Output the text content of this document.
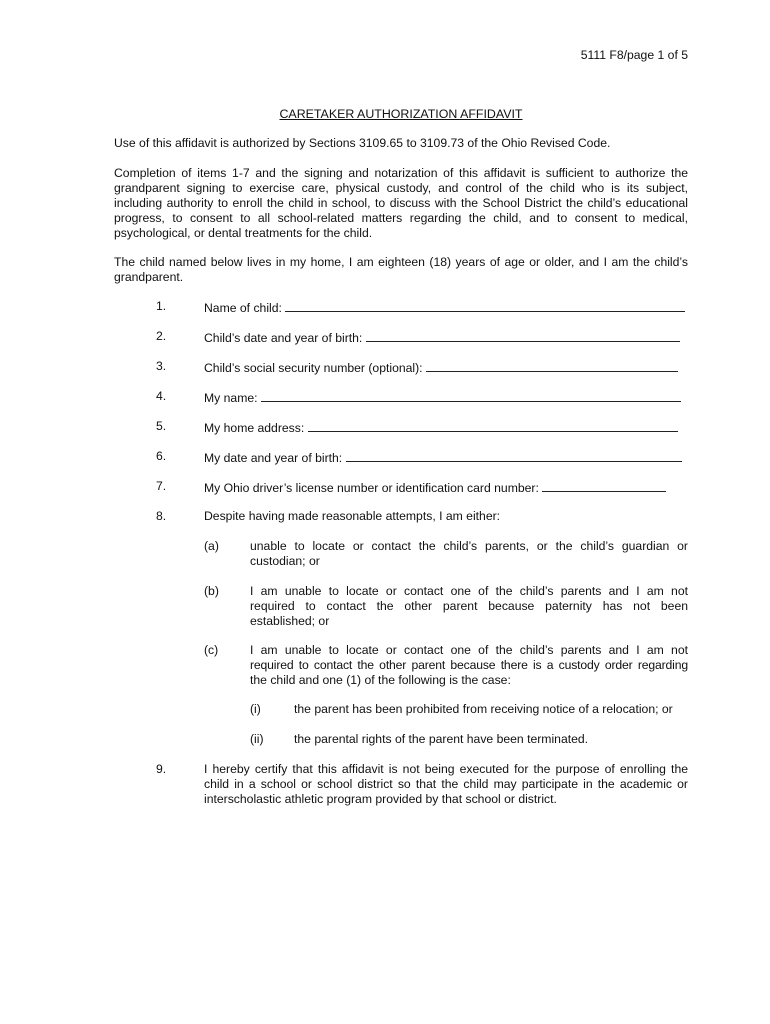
5111 F8/page 1 of 5
CARETAKER AUTHORIZATION AFFIDAVIT
Use of this affidavit is authorized by Sections 3109.65 to 3109.73 of the Ohio Revised Code.
Completion of items 1-7 and the signing and notarization of this affidavit is sufficient to authorize the
grandparent signing to exercise care, physical custody, and control of the child who is its subject,
including authority to enroll the child in school, to discuss with the School District the child’s educational
progress, to consent to all school-related matters regarding the child, and to consent to medical,
psychological, or dental treatments for the child.
The child named below lives in my home, I am eighteen (18) years of age or older, and I am the child’s
grandparent.
1.	Name of child:
2.	Child’s date and year of birth:
3.	Child’s social security number (optional):
4.	My name:
5.	My home address:
6.	My date and year of birth:
7.	My Ohio driver’s license number or identification card number:
8.	Despite having made reasonable attempts, I am either:
(a)	unable to locate or contact the child’s parents, or the child’s guardian or
custodian; or
(b)	I am unable to locate or contact one of the child’s parents and I am not
required to contact the other parent because paternity has not been
established; or
(c)	I am unable to locate or contact one of the child’s parents and I am not
required to contact the other parent because there is a custody order regarding
the child and one (1) of the following is the case:
(i)	the parent has been prohibited from receiving notice of a relocation; or
(ii)	the parental rights of the parent have been terminated.
9.	I hereby certify that this affidavit is not being executed for the purpose of enrolling the
child in a school or school district so that the child may participate in the academic or
interscholastic athletic program provided by that school or district.
